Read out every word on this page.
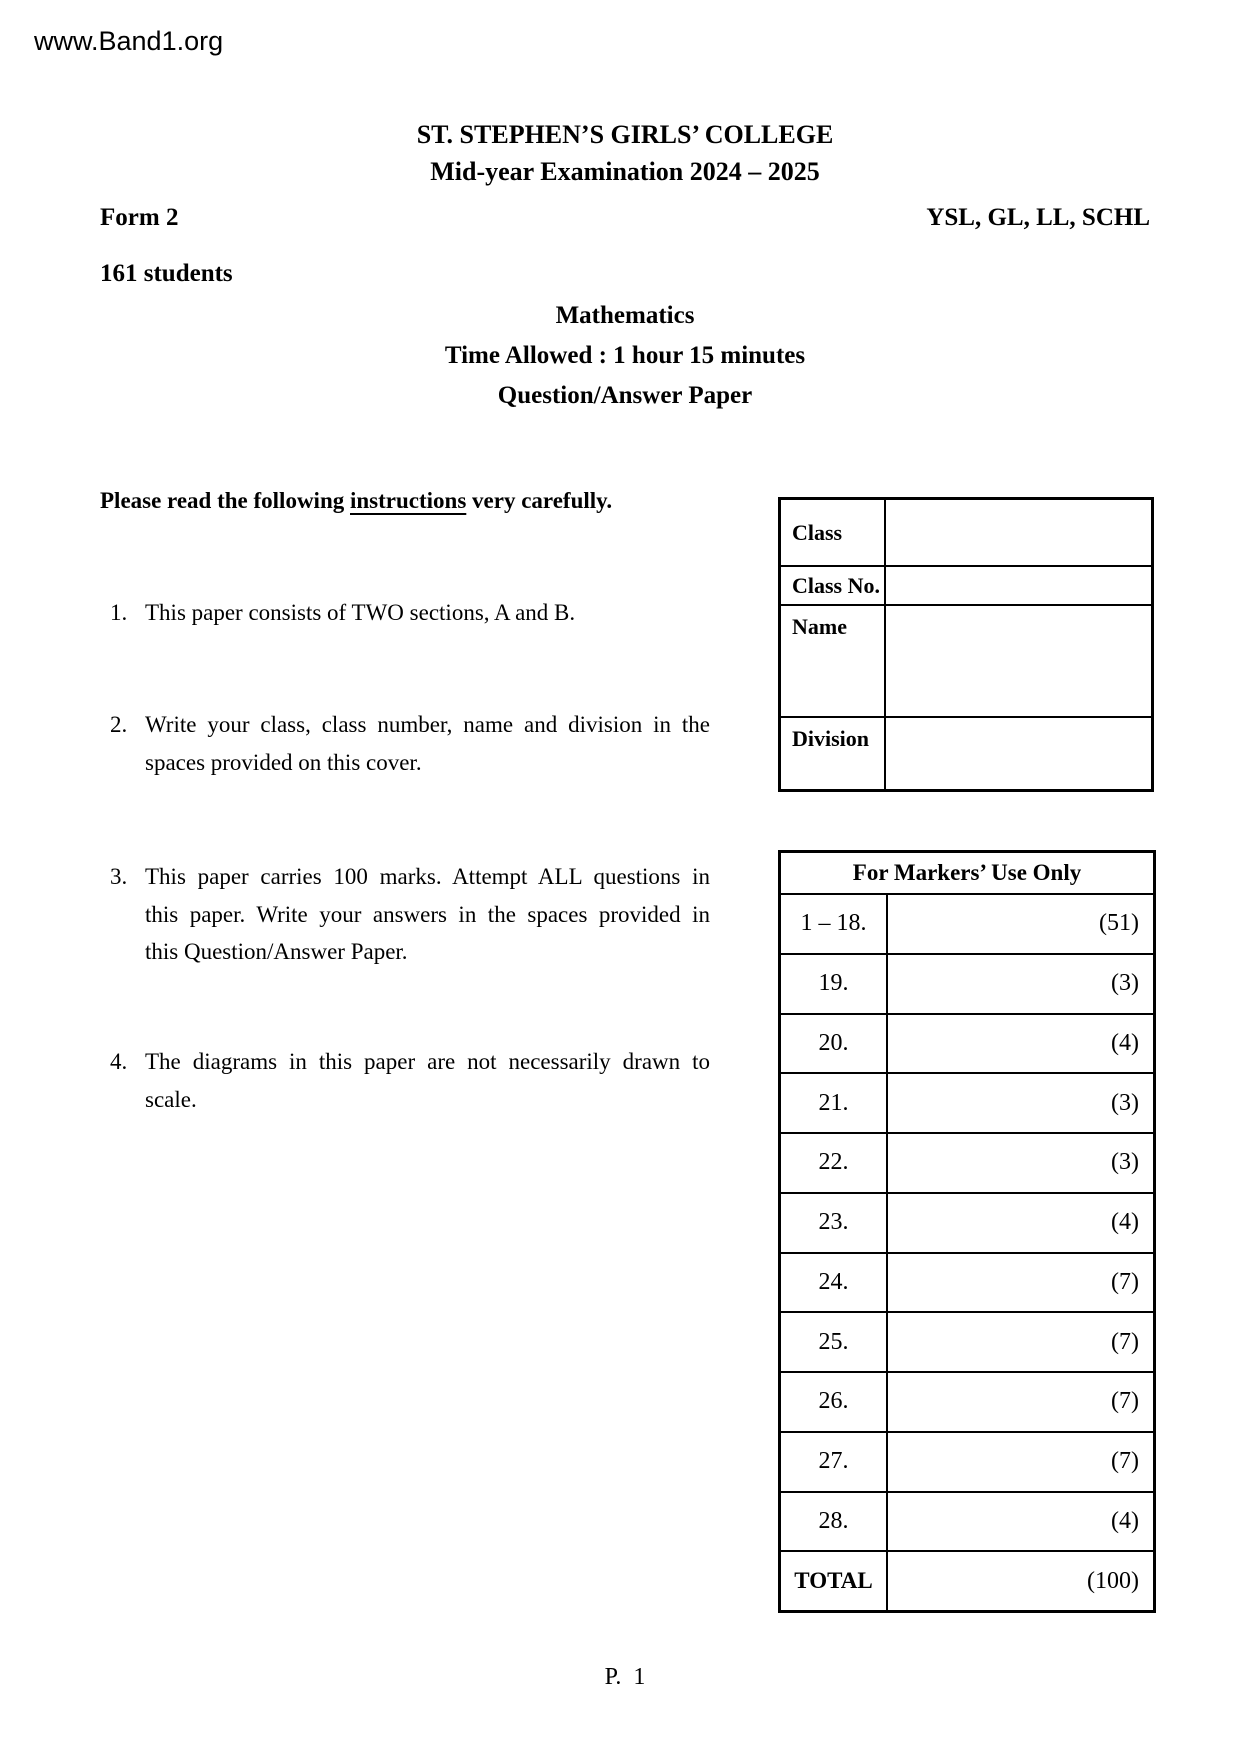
www.Band1.org
ST. STEPHEN’S GIRLS’ COLLEGE
Mid-year Examination 2024 – 2025
Form 2	YSL, GL, LL, SCHL
161 students
Mathematics
Time Allowed : 1 hour 15 minutes
Question/Answer Paper
Please read the following instructions very carefully.
1. This paper consists of TWO sections, A and B.
2. Write your class, class number, name and division in the
spaces provided on this cover.
3. This paper carries 100 marks. Attempt ALL questions in
this paper. Write your answers in the spaces provided in
this Question/Answer Paper.
4. The diagrams in this paper are not necessarily drawn to
scale.
Class
Class No.
Name
Division
For Markers’ Use Only
1 – 18.	(51)
19.	(3)
20.	(4)
21.	(3)
22.	(3)
23.	(4)
24.	(7)
25.	(7)
26.	(7)
27.	(7)
28.	(4)
TOTAL	(100)
P.  1
